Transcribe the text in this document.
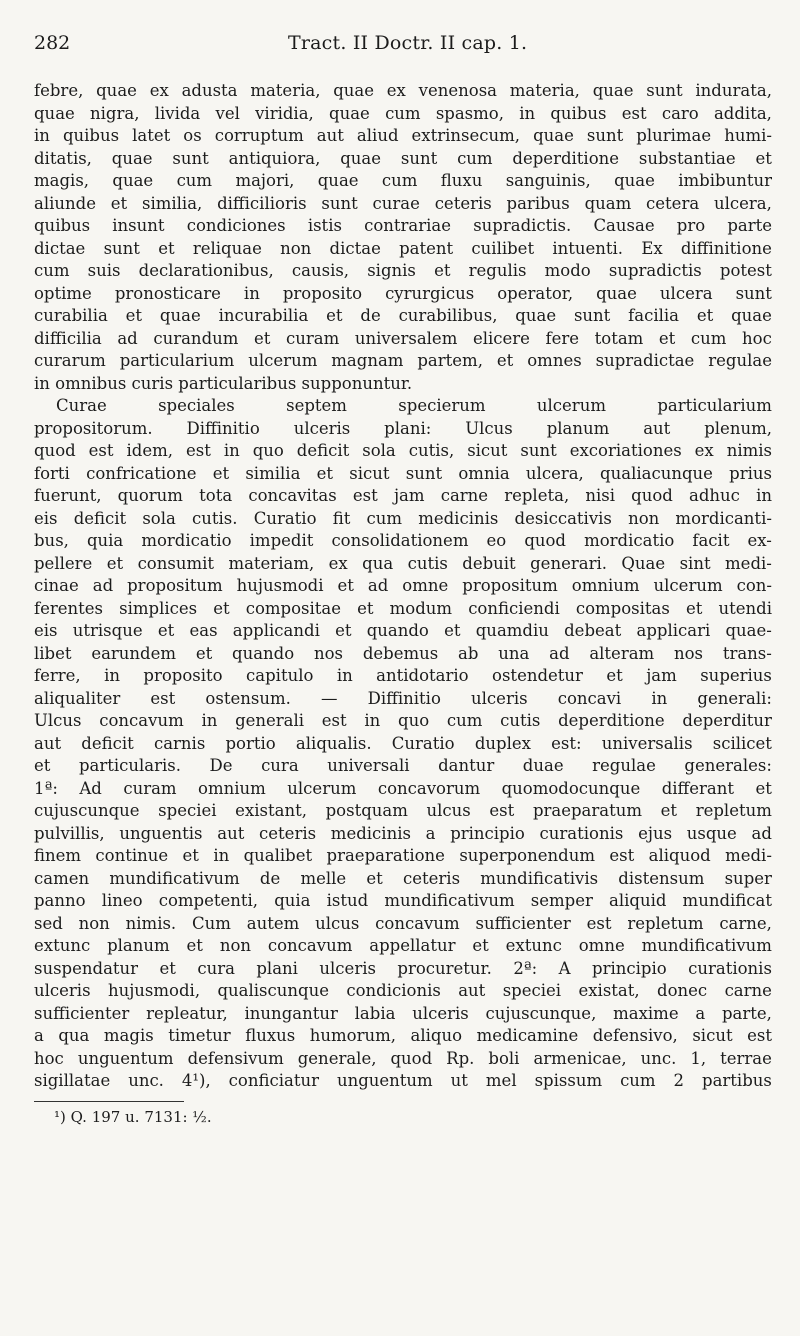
282	Tract. II Doctr. II cap. 1.
febre, quae ex adusta materia, quae ex venenosa materia, quae sunt indurata,
quae nigra, livida vel viridia, quae cum spasmo, in quibus est caro addita,
in quibus latet os corruptum aut aliud extrinsecum, quae sunt plurimae humi-
ditatis, quae sunt antiquiora, quae sunt cum deperditione substantiae et
magis, quae cum majori, quae cum fluxu sanguinis, quae imbibuntur
aliunde et similia, difficilioris sunt curae ceteris paribus quam cetera ulcera,
quibus insunt condiciones istis contrariae supradictis. Causae pro parte
dictae sunt et reliquae non dictae patent cuilibet intuenti. Ex diffinitione
cum suis declarationibus, causis, signis et regulis modo supradictis potest
optime pronosticare in proposito cyrurgicus operator, quae ulcera sunt
curabilia et quae incurabilia et de curabilibus, quae sunt facilia et quae
difficilia ad curandum et curam universalem elicere fere totam et cum hoc
curarum particularium ulcerum magnam partem, et omnes supradictae regulae
in
omnibus
curis
particularibus
supponuntur.

Curae	speciales	septem	specierum	ulcerum	particularium
propositorum. Diffinitio ulceris plani: Ulcus planum aut plenum,
quod est idem, est in quo deficit sola cutis, sicut sunt excoriationes ex nimis
forti confricatione et similia et sicut sunt omnia ulcera, qualiacunque prius
fuerunt, quorum tota concavitas est jam carne repleta, nisi quod adhuc in
eis deficit sola cutis. Curatio fit cum medicinis desiccativis non mordicanti-
bus, quia mordicatio impedit consolidationem eo quod mordicatio facit ex-
pellere et consumit materiam, ex qua cutis debuit generari. Quae sint medi-
cinae ad propositum hujusmodi et ad omne propositum omnium ulcerum con-
ferentes simplices et compositae et modum conficiendi compositas et utendi
eis utrisque et eas applicandi et quando et quamdiu debeat applicari quae-
libet earundem et quando nos debemus ab una ad alteram nos trans-
ferre, in proposito capitulo in antidotario ostendetur et jam superius
aliqualiter est ostensum. — Diffinitio ulceris concavi in generali:
Ulcus concavum in generali est in quo cum cutis deperditione deperditur
aut deficit carnis portio aliqualis. Curatio duplex est: universalis scilicet
et particularis. De cura universali dantur duae regulae generales:
1ª: Ad curam omnium ulcerum concavorum quomodocunque differant et
cujuscunque speciei existant, postquam ulcus est praeparatum et repletum
pulvillis, unguentis aut ceteris medicinis a principio curationis ejus usque ad
finem continue et in qualibet praeparatione superponendum est aliquod medi-
camen mundificativum de melle et ceteris mundificativis distensum super
panno lineo competenti, quia istud mundificativum semper aliquid mundificat
sed non nimis. Cum autem ulcus concavum sufficienter est repletum carne,
extunc planum et non concavum appellatur et extunc omne mundificativum
suspendatur et cura plani ulceris procuretur. 2ª: A principio curationis
ulceris hujusmodi, qualiscunque condicionis aut speciei existat, donec carne
sufficienter repleatur, inungantur labia ulceris cujuscunque, maxime a parte,
a qua magis timetur fluxus humorum, aliquo medicamine defensivo, sicut est
hoc unguentum defensivum generale, quod Rp. boli armenicae, unc. 1, terrae
sigillatae unc. 4¹), conficiatur unguentum ut mel spissum cum 2 partibus
¹) Q. 197 u. 7131: ½.
